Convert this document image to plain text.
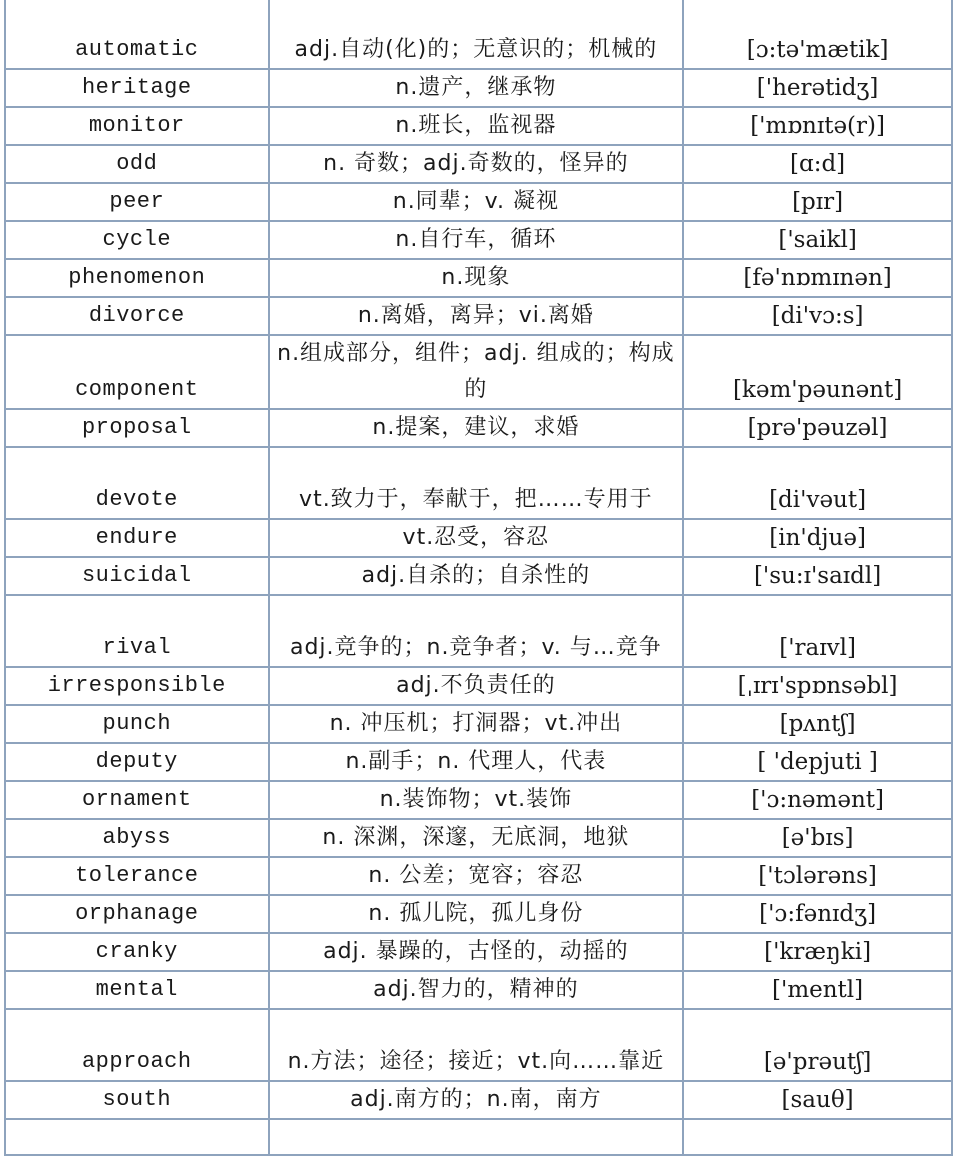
automatic	adj.自动(化)的；无意识的；机械的	[ɔ:tə'mætik]
heritage	n.遗产，继承物	['herətidʒ]
monitor	n.班长，监视器	['mɒnɪtə(r)]
odd	n. 奇数；adj.奇数的，怪异的	[ɑ:d]
peer	n.同辈；v. 凝视	[pɪr]
cycle	n.自行车，循环	['saikl]
phenomenon	n.现象	[fə'nɒmɪnən]
divorce	n.离婚，离异；vi.离婚	[di'vɔ:s]
component	n.组成部分，组件；adj. 组成的；构成的	[kəm'pəunənt]
proposal	n.提案，建议，求婚	[prə'pəuzəl]
devote	vt.致力于，奉献于，把……专用于	[di'vəut]
endure	vt.忍受，容忍	[in'djuə]
suicidal	adj.自杀的；自杀性的	['su:ɪ'saɪdl]
rival	adj.竞争的；n.竞争者；v. 与…竞争	['raɪvl]
irresponsible	adj.不负责任的	[ˌɪrɪ'spɒnsəbl]
punch	n. 冲压机；打洞器；vt.冲出	[pʌntʃ]
deputy	n.副手；n. 代理人，代表	[ 'depjuti ]
ornament	n.装饰物；vt.装饰	['ɔ:nəmənt]
abyss	n. 深渊，深邃，无底洞，地狱	[ə'bɪs]
tolerance	n. 公差；宽容；容忍	['tɔlərəns]
orphanage	n. 孤儿院，孤儿身份	['ɔ:fənɪdʒ]
cranky	adj. 暴躁的，古怪的，动摇的	['kræŋki]
mental	adj.智力的，精神的	['mentl]
approach	n.方法；途径；接近；vt.向……靠近	[ə'prəutʃ]
south	adj.南方的；n.南，南方	[sauθ]
